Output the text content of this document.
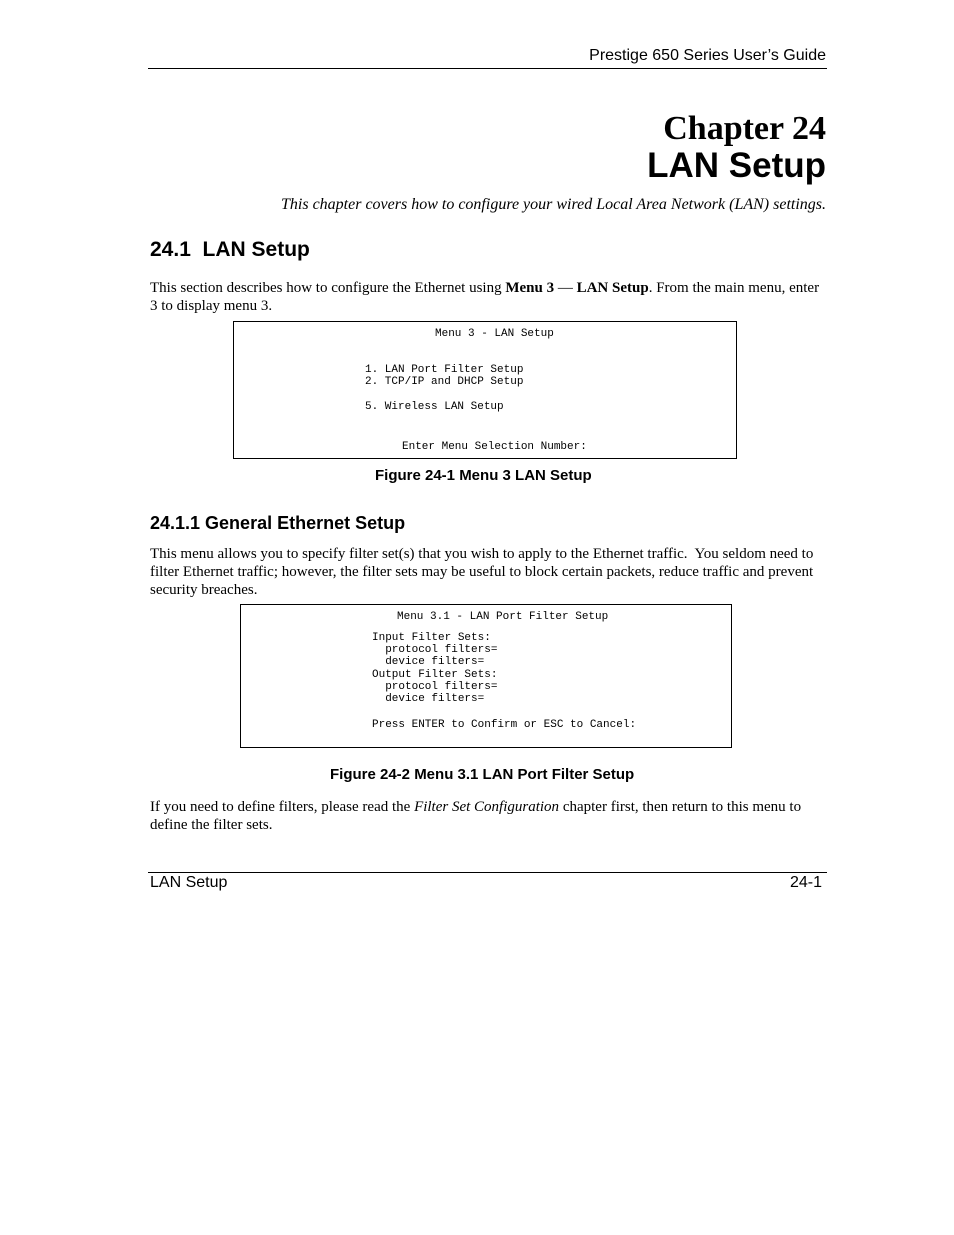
Prestige 650 Series User’s Guide
Chapter 24
LAN Setup
This chapter covers how to configure your wired Local Area Network (LAN) settings.
24.1  LAN Setup
This section describes how to configure the Ethernet using Menu 3 — LAN Setup. From the main menu, enter 3 to display menu 3.
Menu 3 - LAN Setup
1. LAN Port Filter Setup
2. TCP/IP and DHCP Setup
5. Wireless LAN Setup
Enter Menu Selection Number:
Figure 24-1 Menu 3 LAN Setup
24.1.1 General Ethernet Setup
This menu allows you to specify filter set(s) that you wish to apply to the Ethernet traffic.  You seldom need to filter Ethernet traffic; however, the filter sets may be useful to block certain packets, reduce traffic and prevent security breaches.
Menu 3.1 - LAN Port Filter Setup
Input Filter Sets:
protocol filters=
device filters=
Output Filter Sets:
protocol filters=
device filters=
Press ENTER to Confirm or ESC to Cancel:
Figure 24-2 Menu 3.1 LAN Port Filter Setup
If you need to define filters, please read the Filter Set Configuration chapter first, then return to this menu to define the filter sets.
LAN Setup	24-1
